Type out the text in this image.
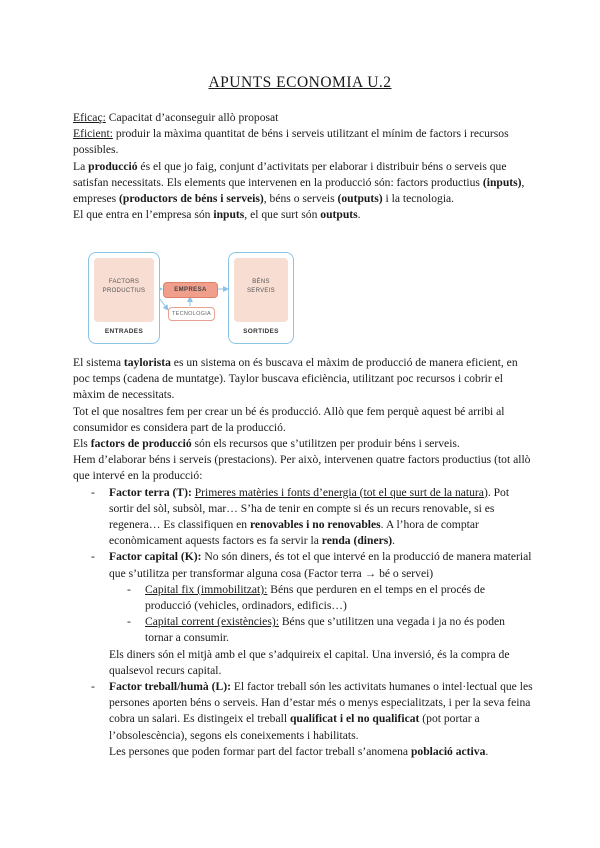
APUNTS ECONOMIA U.2

Eficaç: Capacitat d’aconseguir allò proposat

Eficient: produir la màxima quantitat de béns i serveis utilitzant el mínim de factors i recursos possibles.

La producció és el que jo faig, conjunt d’activitats per elaborar i distribuir béns o serveis que satisfan necessitats. Els elements que intervenen en la producció són: factors productius (inputs), empreses (productors de béns i serveis), béns o serveis (outputs) i la tecnologia.

El que entra en l’empresa són inputs, el que surt són outputs.

FACTORS PRODUCTIUS
ENTRADES
EMPRESA
TECNOLOGIA
BÉNS SERVEIS
SORTIDES

El sistema taylorista es un sistema on és buscava el màxim de producció de manera eficient, en poc temps (cadena de muntatge). Taylor buscava eficiència, utilitzant poc recursos i cobrir el màxim de necessitats.

Tot el que nosaltres fem per crear un bé és producció. Allò que fem perquè aquest bé arribi al consumidor es considera part de la producció.

Els factors de producció són els recursos que s’utilitzen per produir béns i serveis.

Hem d’elaborar béns i serveis (prestacions). Per això, intervenen quatre factors productius (tot allò que intervé en la producció:

- Factor terra (T): Primeres matèries i fonts d’energia (tot el que surt de la natura). Pot sortir del sòl, subsòl, mar… S’ha de tenir en compte si és un recurs renovable, si es regenera… Es classifiquen en renovables i no renovables. A l’hora de comptar econòmicament aquests factors es fa servir la renda (diners).
- Factor capital (K): No són diners, és tot el que intervé en la producció de manera material que s’utilitza per transformar alguna cosa (Factor terra → bé o servei)
- Capital fix (immobilitzat): Béns que perduren en el temps en el procés de producció (vehicles, ordinadors, edificis…)
- Capital corrent (existències): Béns que s’utilitzen una vegada i ja no és poden tornar a consumir.

Els diners són el mitjà amb el que s’adquireix el capital. Una inversió, és la compra de qualsevol recurs capital.

- Factor treball/humà (L): El factor treball són les activitats humanes o intel·lectual que les persones aporten béns o serveis. Han d’estar més o menys especialitzats, i per la seva feina cobra un salari. Es distingeix el treball qualificat i el no qualificat (pot portar a l’obsolescència), segons els coneixements i habilitats.

Les persones que poden formar part del factor treball s’anomena població activa.
